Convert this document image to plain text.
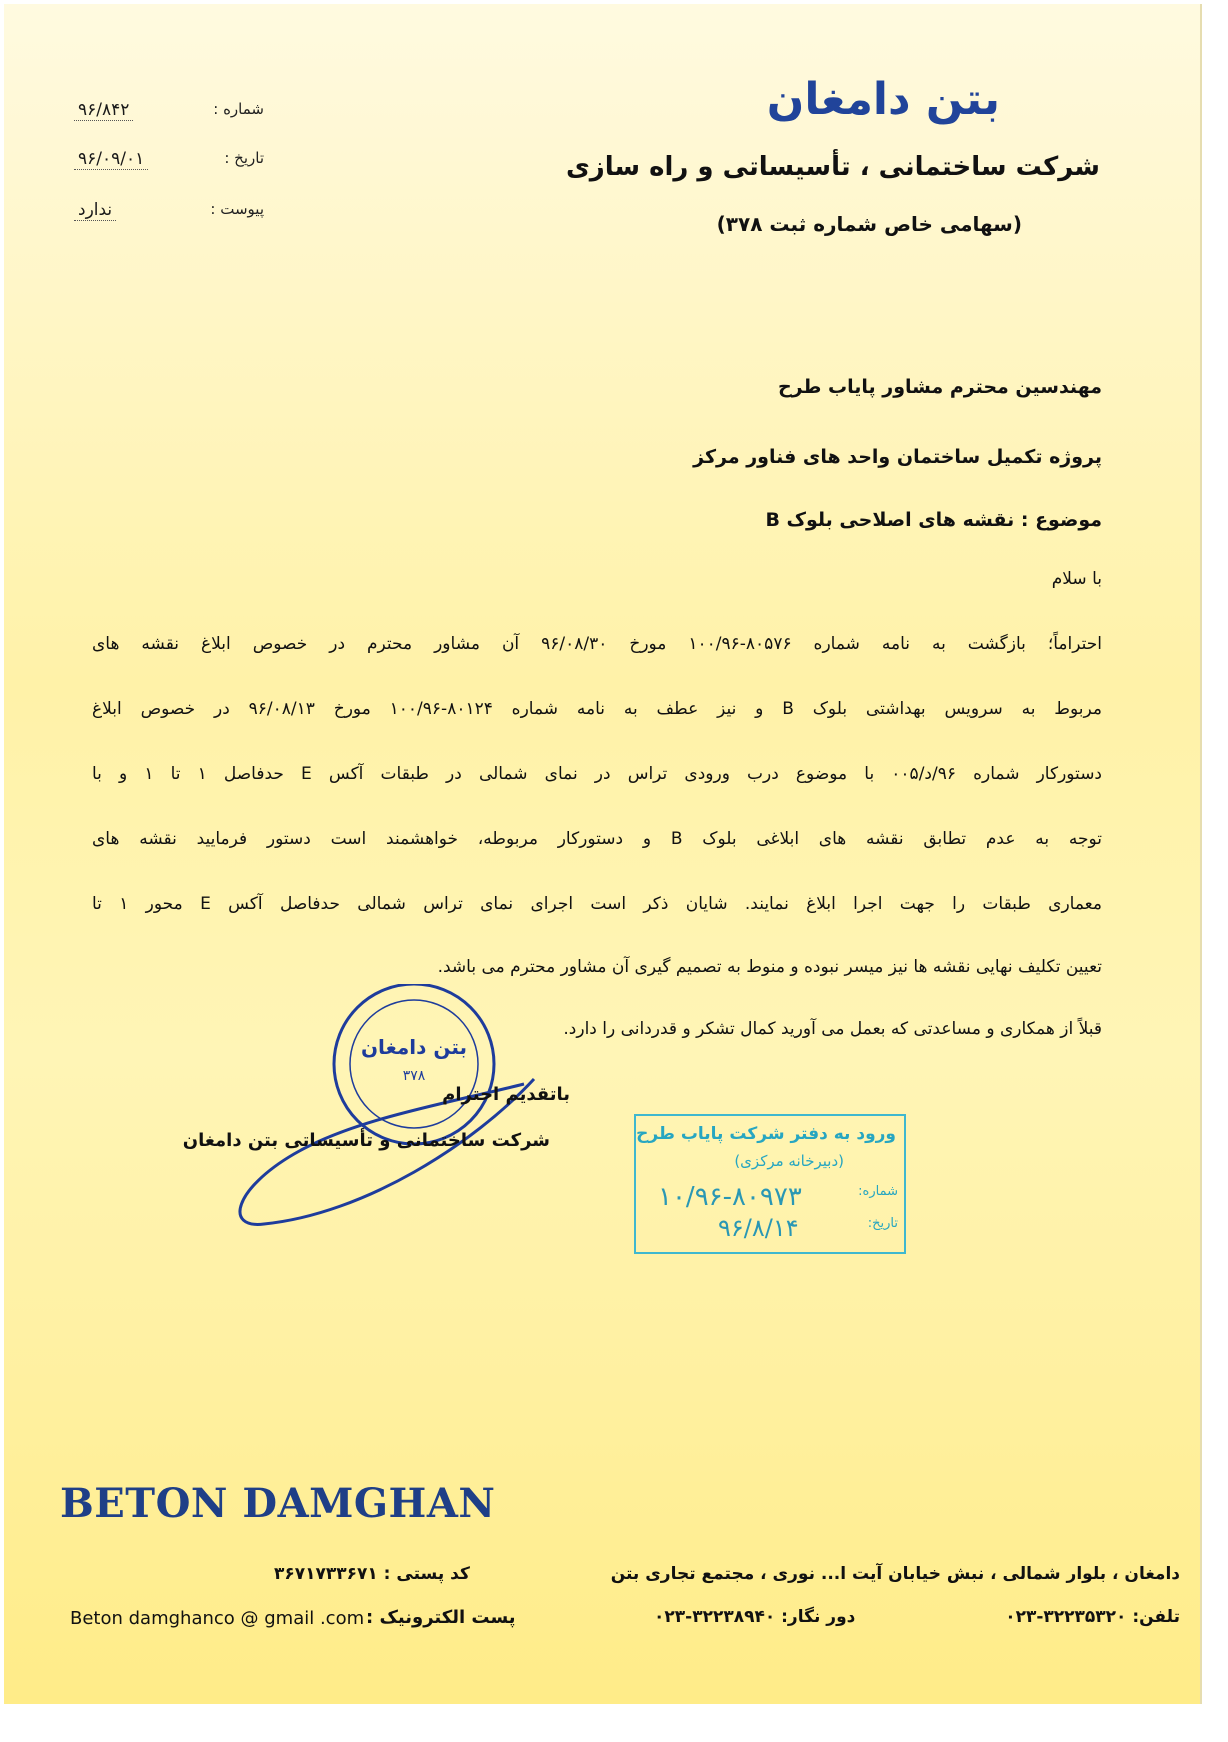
بتن دامغان
شرکت ساختمانی ، تأسیساتی و راه سازی
(سهامی خاص شماره ثبت ۳۷۸)
شماره :
۹۶/۸۴۲
تاریخ :
۹۶/۰۹/۰۱
پیوست :
ندارد
مهندسین محترم مشاور پایاب طرح
پروژه تکمیل ساختمان واحد های فناور مرکز
موضوع : نقشه های اصلاحی بلوک B
با سلام
احتراماً؛ بازگشت به نامه شماره ۸۰۵۷۶-۱۰۰/۹۶ مورخ ۹۶/۰۸/۳۰ آن مشاور محترم در خصوص ابلاغ نقشه های
مربوط به سرویس بهداشتی بلوک B و نیز عطف به نامه شماره ۸۰۱۲۴-۱۰۰/۹۶ مورخ ۹۶/۰۸/۱۳ در خصوص ابلاغ
دستورکار شماره ۹۶/د/۰۰۵ با موضوع درب ورودی تراس در نمای شمالی در طبقات آکس E حدفاصل ۱ تا ۱ و با
توجه به عدم تطابق نقشه های ابلاغی بلوک B و دستورکار مربوطه، خواهشمند است دستور فرمایید نقشه های
معماری طبقات را جهت اجرا ابلاغ نمایند. شایان ذکر است اجرای نمای تراس شمالی حدفاصل آکس E محور ۱ تا
تعیین تکلیف نهایی نقشه ها نیز میسر نبوده و منوط به تصمیم گیری آن مشاور محترم می باشد.
قبلاً از همکاری و مساعدتی که بعمل می آورید کمال تشکر و قدردانی را دارد.
بتن دامغان
۳۷۸
باتقدیم احترام
شرکت ساختمانی و تأسیساتی بتن دامغان	ورود به دفتر شرکت پایاب طرح
(دبیرخانه مرکزی)
شماره:
۱۰/۹۶-۸۰۹۷۳
تاریخ:
۹۶/۸/۱۴
BETON DAMGHAN
کد پستی : ۳۶۷۱۷۳۳۶۷۱	دامغان ، بلوار شمالی ، نبش خیابان آیت ا... نوری ، مجتمع تجاری بتن
Beton damghanco @ gmail .com پست الکترونیک :	دور نگار: ۳۲۲۳۸۹۴۰-۰۲۳	تلفن: ۳۲۲۳۵۳۲۰-۰۲۳
